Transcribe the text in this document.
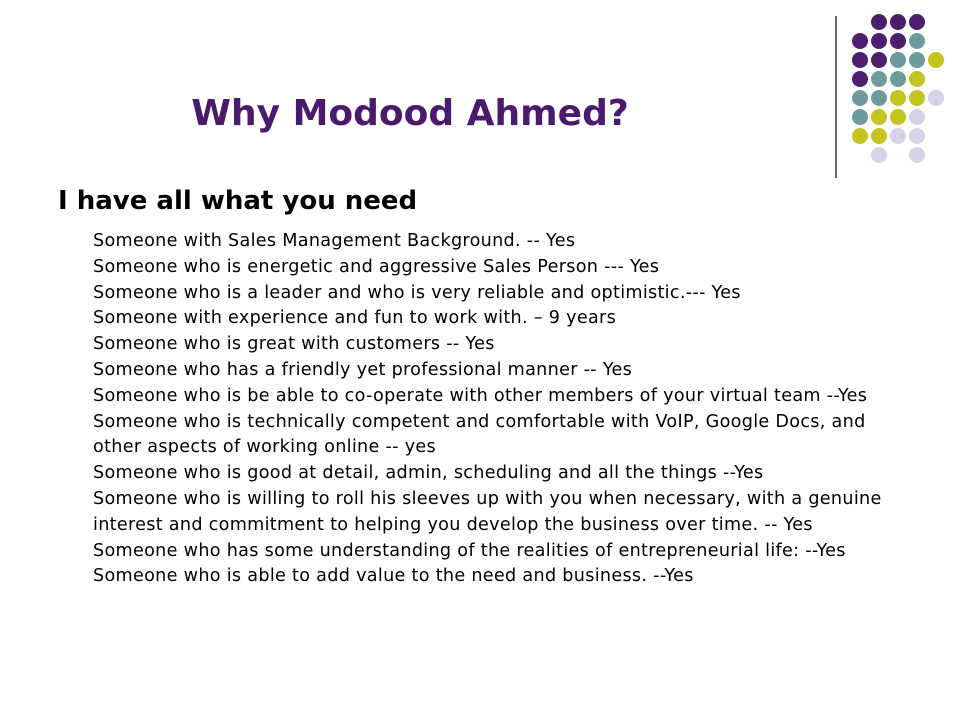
Why Modood Ahmed?
I have all what you need
Someone with Sales Management Background. -- Yes
Someone who is energetic and aggressive Sales Person --- Yes
Someone who is a leader and who is very reliable and optimistic.--- Yes
Someone with experience and fun to work with. – 9 years
Someone who is great with customers -- Yes
Someone who has a friendly yet professional manner -- Yes
Someone who is be able to co-operate with other members of your virtual team --Yes
Someone who is technically competent and comfortable with VoIP, Google Docs, and other aspects of working online -- yes
Someone who is good at detail, admin, scheduling and all the things --Yes
Someone who is willing to roll his sleeves up with you when necessary, with a genuine interest and commitment to helping you develop the business over time. -- Yes
Someone who has some understanding of the realities of entrepreneurial life: --Yes
Someone who is able to add value to the need and business. --Yes
